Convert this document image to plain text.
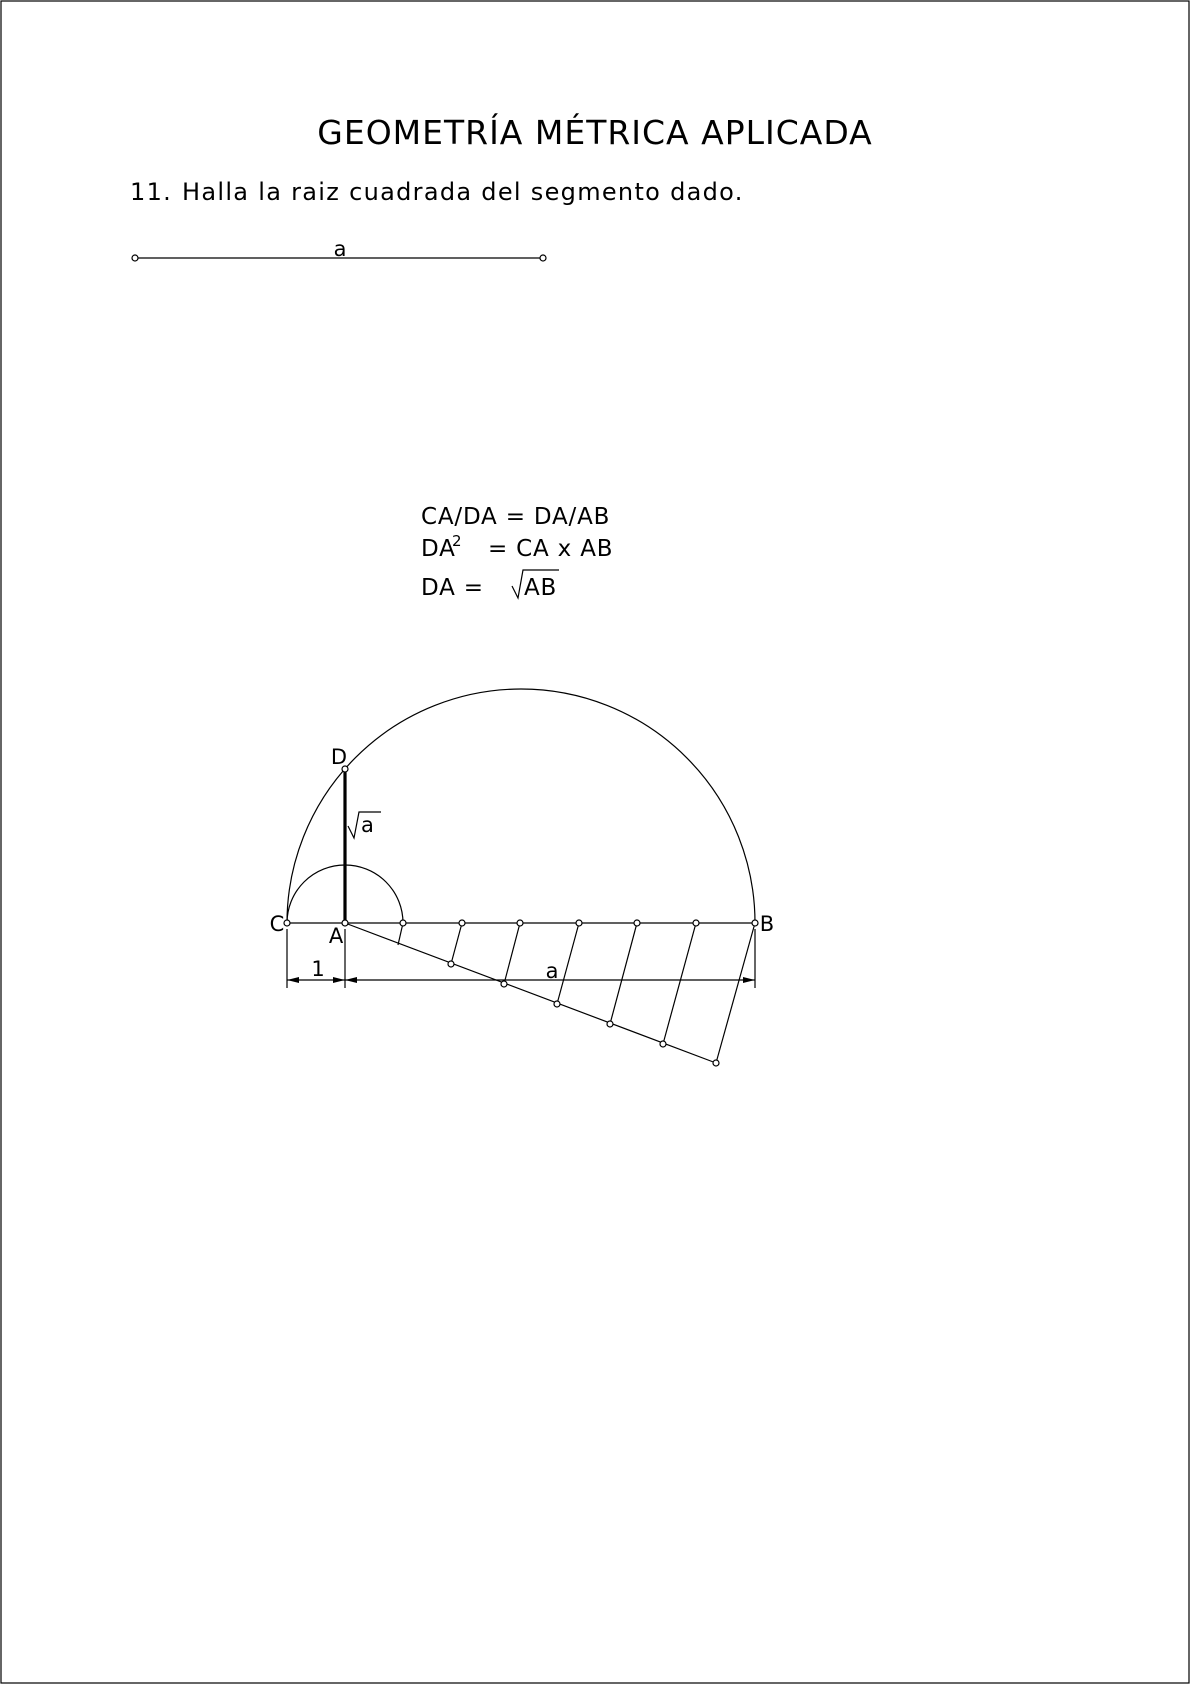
GEOMETRÍA MÉTRICA APLICADA
11. Halla la raiz cuadrada del segmento dado.
a
CA/DA = DA/AB
DA
2 = CA x AB
DA = AB
1	a
a
C A	B
D
